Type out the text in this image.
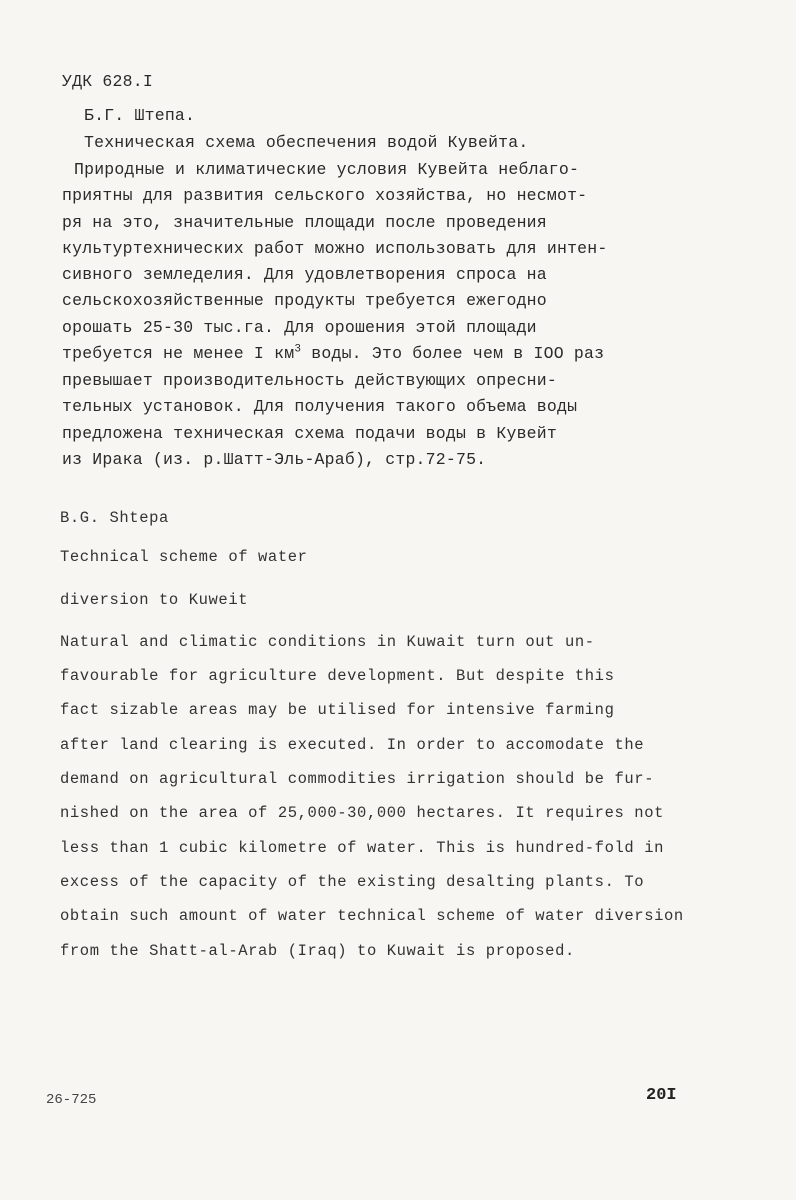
УДК 628.I
Б.Г. Штепа.
Техническая схема обеспечения водой Кувейта.
Природные и климатические условия Кувейта неблаго-
приятны для развития сельского хозяйства, но несмот-
ря на это, значительные площади после проведения
культуртехнических работ можно использовать для интен-
сивного земледелия. Для удовлетворения спроса на
сельскохозяйственные продукты требуется ежегодно
орошать 25-30 тыс.га. Для орошения этой площади
требуется не менее I $км^3$ воды. Это более чем в IOO раз
превышает производительность действующих опресни-
тельных установок. Для получения такого объема воды
предложена техническая схема подачи воды в Кувейт
из Ирака (из. р.Шатт-Эль-Араб), стр.72-75.
B.G. Shtepa
Technical scheme of water
diversion to Kuweit
Natural and climatic conditions in Kuwait turn out un-
favourable for agriculture development. But despite this
fact sizable areas may be utilised for intensive farming
after land clearing is executed. In order to accomodate the
demand on agricultural commodities irrigation should be fur-
nished on the area of 25,000-30,000 hectares. It requires not
less than 1 cubic kilometre of water. This is hundred-fold in
excess of the capacity of the existing desalting plants. To
obtain such amount of water technical scheme of water diversion
from the Shatt-al-Arab (Iraq) to Kuwait is proposed.
26-725	20I
